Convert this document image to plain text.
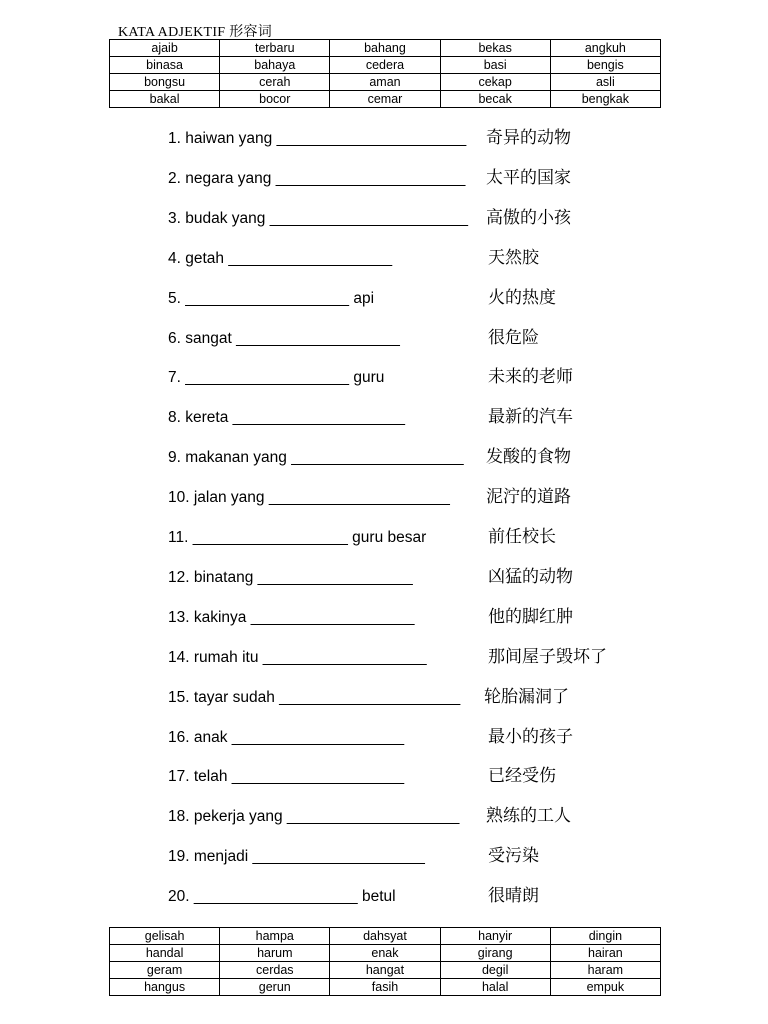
KATA ADJEKTIF 形容词
ajaib	terbaru	bahang	bekas	angkuh
binasa	bahaya	cedera	basi	bengis
bongsu	cerah	aman	cekap	asli
bakal	bocor	cemar	becak	bengkak
1. haiwan yang ______________________ 奇异的动物
2. negara yang ______________________ 太平的国家
3. budak yang _______________________ 高傲的小孩
4. getah ___________________	天然胶
5. ___________________ api	火的热度
6. sangat ___________________	很危险
7. ___________________ guru	未来的老师
8. kereta ____________________	最新的汽车
9. makanan yang ____________________ 发酸的食物
10. jalan yang _____________________ 泥泞的道路
11. __________________ guru besar	前任校长
12. binatang __________________	凶猛的动物
13. kakinya ___________________	他的脚红肿
14. rumah itu ___________________	那间屋子毁坏了
15. tayar sudah _____________________ 轮胎漏洞了
16. anak ____________________	最小的孩子
17. telah ____________________	已经受伤
18. pekerja yang ____________________ 熟练的工人
19. menjadi ____________________	受污染
20. ___________________ betul	很晴朗
gelisah	hampa	dahsyat	hanyir	dingin
handal	harum	enak	girang	hairan
geram	cerdas	hangat	degil	haram
hangus	gerun	fasih	halal	empuk
